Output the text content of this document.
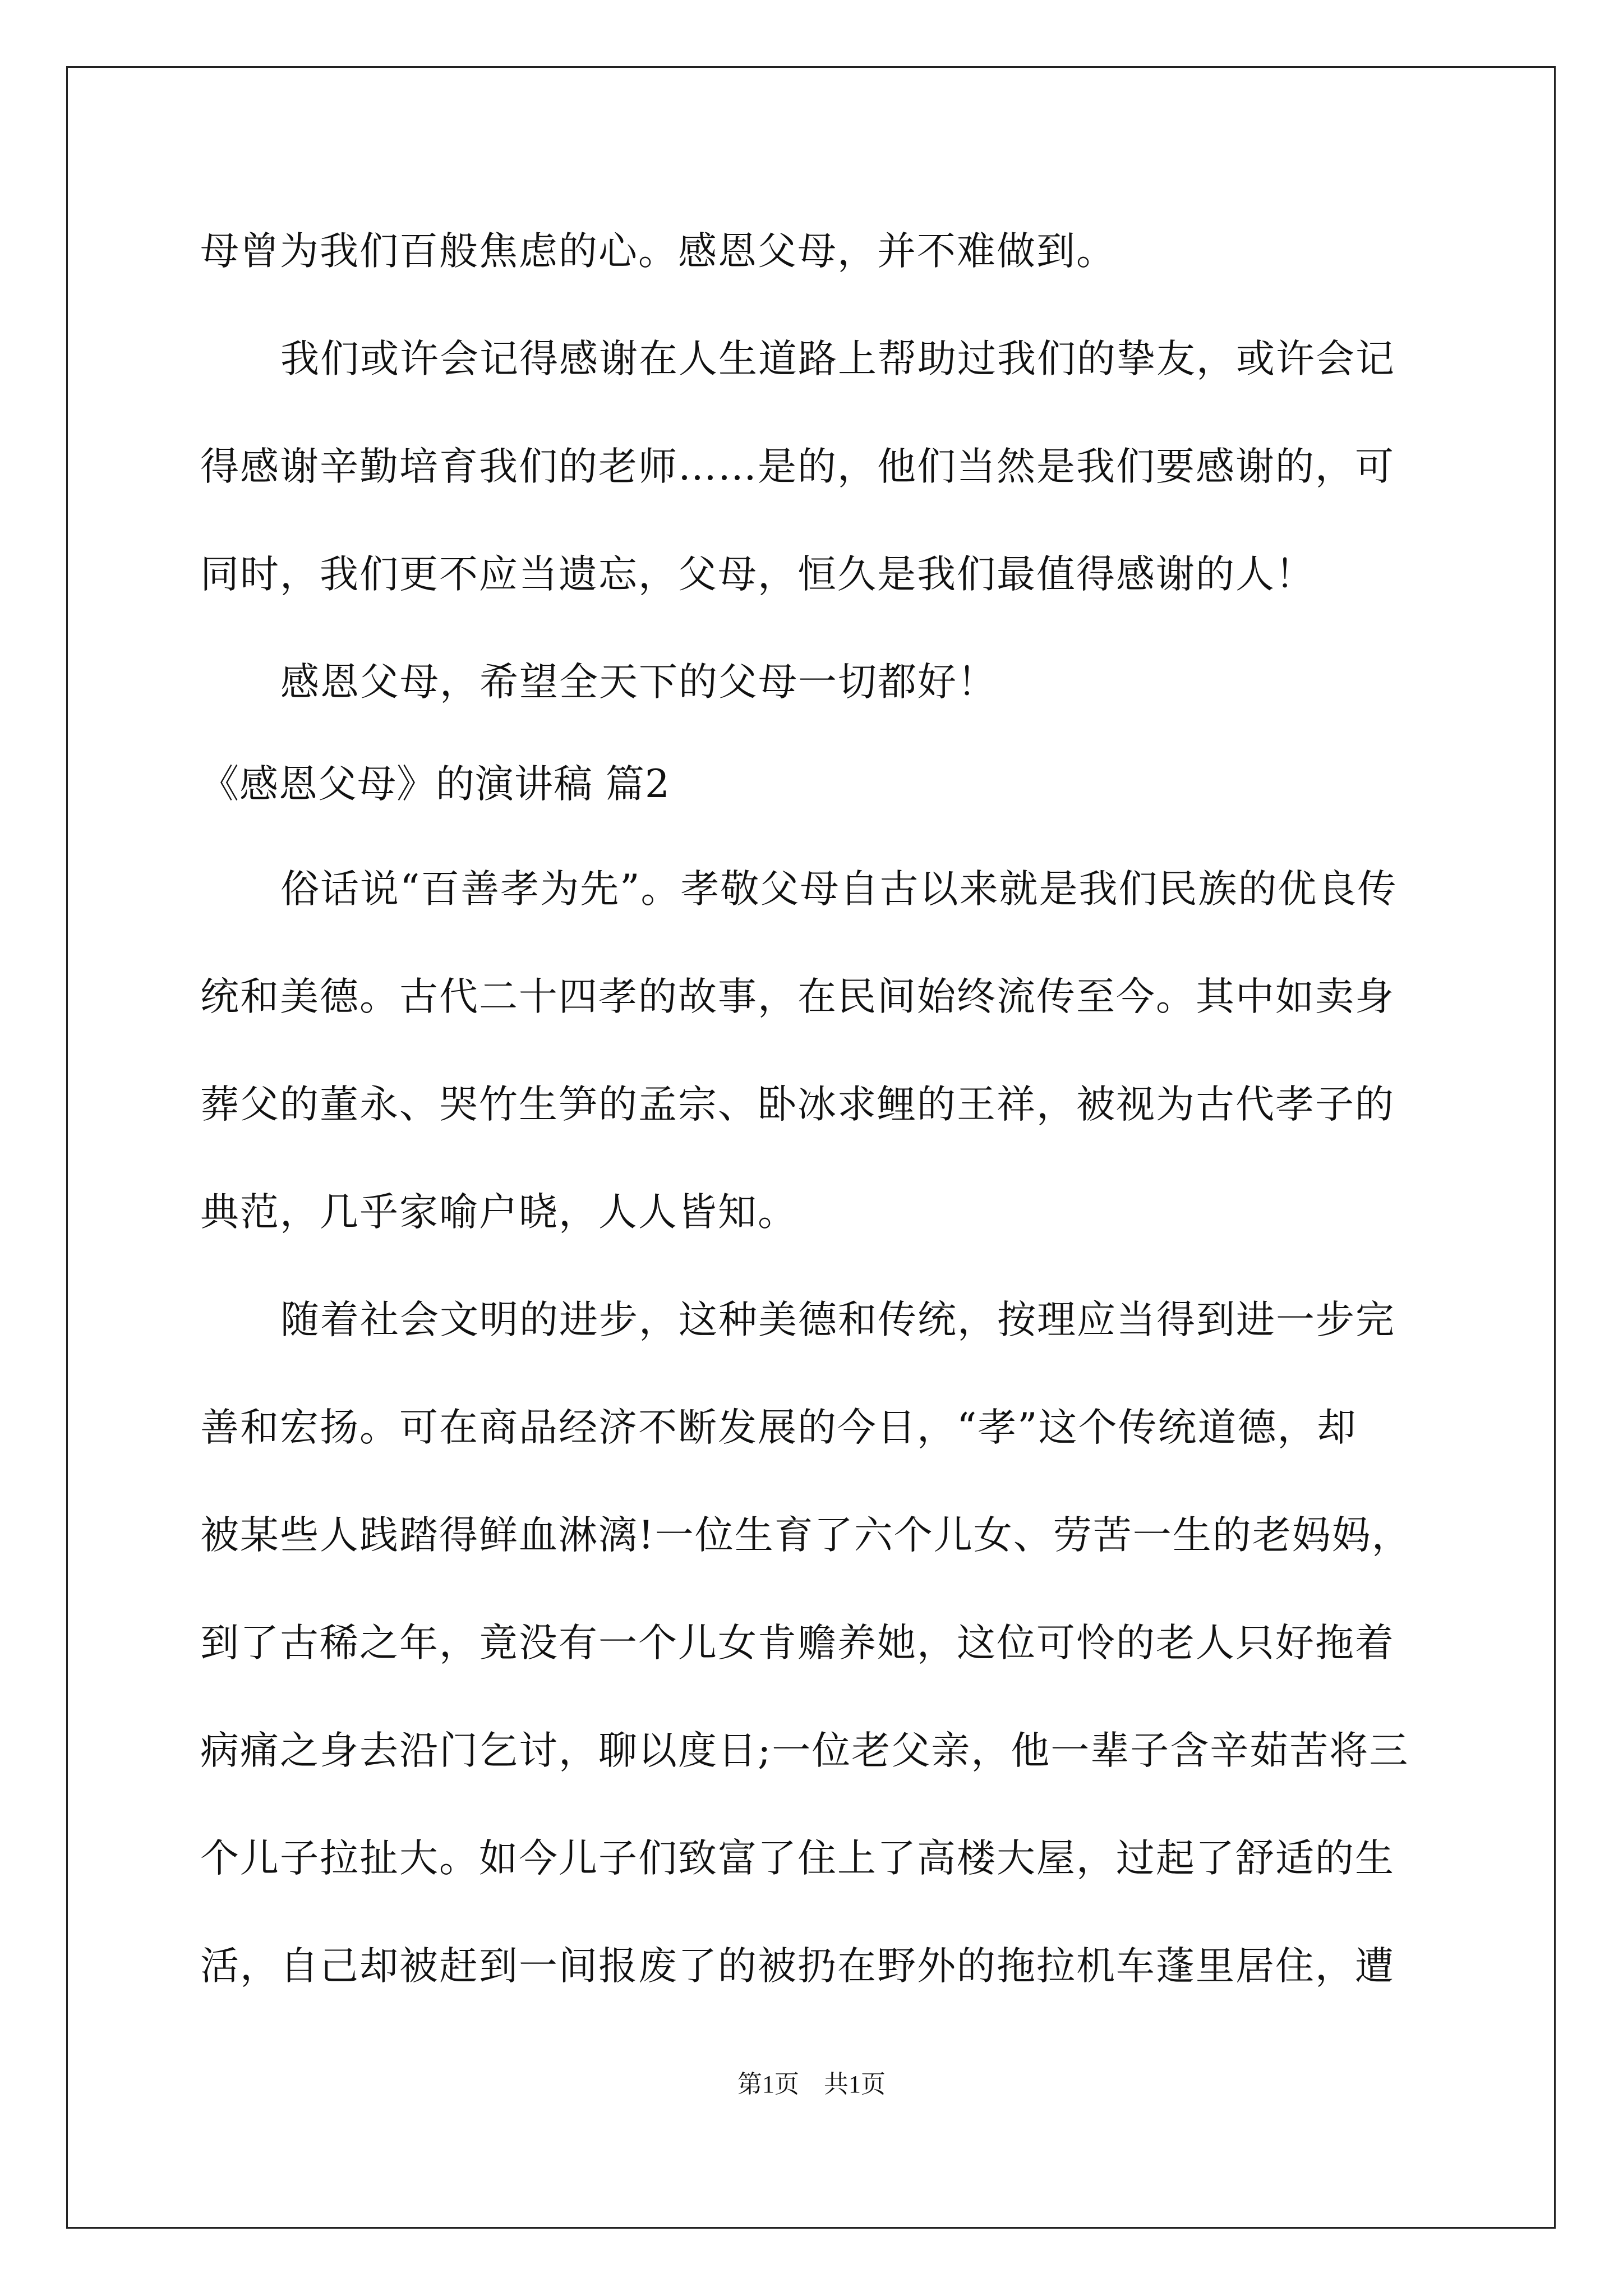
母曾为我们百般焦虑的心。感恩父母，并不难做到。
我们或许会记得感谢在人生道路上帮助过我们的挚友，或许会记
得感谢辛勤培育我们的老师……是的，他们当然是我们要感谢的，可
同时，我们更不应当遗忘，父母，恒久是我们最值得感谢的人！
感恩父母，希望全天下的父母一切都好！
《感恩父母》的演讲稿 篇2
俗话说“百善孝为先”。孝敬父母自古以来就是我们民族的优良传
统和美德。古代二十四孝的故事，在民间始终流传至今。其中如卖身
葬父的董永、哭竹生笋的孟宗、卧冰求鲤的王祥，被视为古代孝子的
典范，几乎家喻户晓，人人皆知。
随着社会文明的进步，这种美德和传统，按理应当得到进一步完
善和宏扬。可在商品经济不断发展的今日，“孝”这个传统道德，却
被某些人践踏得鲜血淋漓!一位生育了六个儿女、劳苦一生的老妈妈，
到了古稀之年，竟没有一个儿女肯赡养她，这位可怜的老人只好拖着
病痛之身去沿门乞讨，聊以度日;一位老父亲，他一辈子含辛茹苦将三
个儿子拉扯大。如今儿子们致富了住上了高楼大屋，过起了舒适的生
活，自己却被赶到一间报废了的被扔在野外的拖拉机车蓬里居住，遭
第1页　共1页
